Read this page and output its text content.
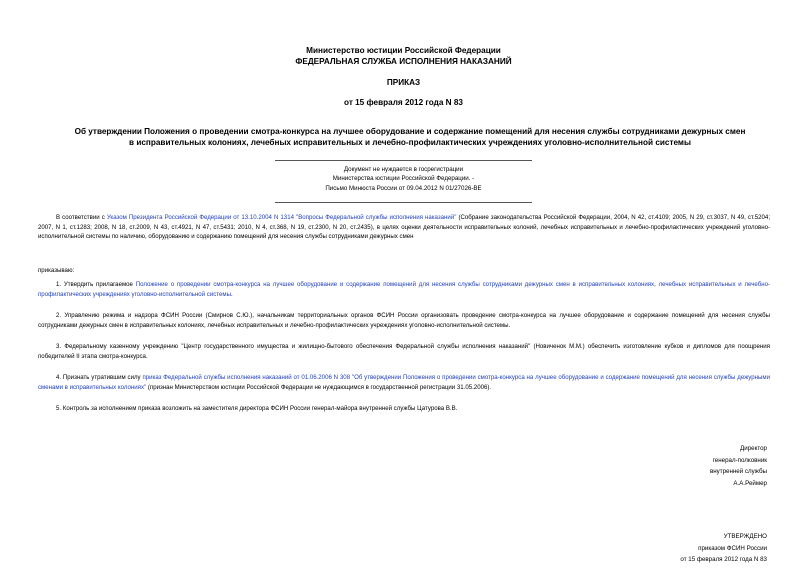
Министерство юстиции Российской Федерации
ФЕДЕРАЛЬНАЯ СЛУЖБА ИСПОЛНЕНИЯ НАКАЗАНИЙ
ПРИКАЗ
от 15 февраля 2012 года N 83
Об утверждении Положения о проведении смотра-конкурса на лучшее оборудование и содержание помещений для несения службы сотрудниками дежурных смен
в исправительных колониях, лечебных исправительных и лечебно-профилактических учреждениях уголовно-исполнительной системы
Документ не нуждается в госрегистрации
Министерства юстиции Российской Федерации. -
Письмо Минюста России от 09.04.2012 N 01/27026-ВЕ
В соответствии с Указом Президента Российской Федерации от 13.10.2004 N 1314 "Вопросы Федеральной службы исполнения наказаний" (Собрание законодательства Российской Федерации, 2004, N 42, ст.4109; 2005, N 29, ст.3037, N 49, ст.5204; 2007, N 1, ст.1283; 2008, N 18, ст.2009, N 43, ст.4921, N 47, ст.5431; 2010, N 4, ст.368, N 19, ст.2300, N 20, ст.2435), в целях оценки деятельности исправительных колоний, лечебных исправительных и лечебно-профилактических учреждений уголовно-исполнительной системы по наличию, оборудованию и содержанию помещений для несения службы сотрудниками дежурных смен
приказываю:
1. Утвердить прилагаемое Положение о проведении смотра-конкурса на лучшее оборудование и содержание помещений для несения службы сотрудниками дежурных смен в исправительных колониях, лечебных исправительных и лечебно-профилактических учреждениях уголовно-исполнительной системы.
2. Управлению режима и надзора ФСИН России (Смирнов С.Ю.), начальникам территориальных органов ФСИН России организовать проведение смотра-конкурса на лучшее оборудование и содержание помещений для несения службы сотрудниками дежурных смен в исправительных колониях, лечебных исправительных и лечебно-профилактических учреждениях уголовно-исполнительной системы.
3. Федеральному казенному учреждению "Центр государственного имущества и жилищно-бытового обеспечения Федеральной службы исполнения наказаний" (Новиченок М.М.) обеспечить изготовление кубков и дипломов для поощрения победителей II этапа смотра-конкурса.
4. Признать утратившим силу приказ Федеральной службы исполнения наказаний от 01.06.2006 N 308 "Об утверждении Положения о проведении смотра-конкурса на лучшее оборудование и содержание помещений для несения службы дежурными сменами в исправительных колониях" (признан Министерством юстиции Российской Федерации не нуждающимся в государственной регистрации 31.05.2006).
5. Контроль за исполнением приказа возложить на заместителя директора ФСИН России генерал-майора внутренней службы Цатурова В.В.
Директор
генерал-полковник
внутренней службы
А.А.Реймер
УТВЕРЖДЕНО
приказом ФСИН России
от 15 февраля 2012 года N 83
